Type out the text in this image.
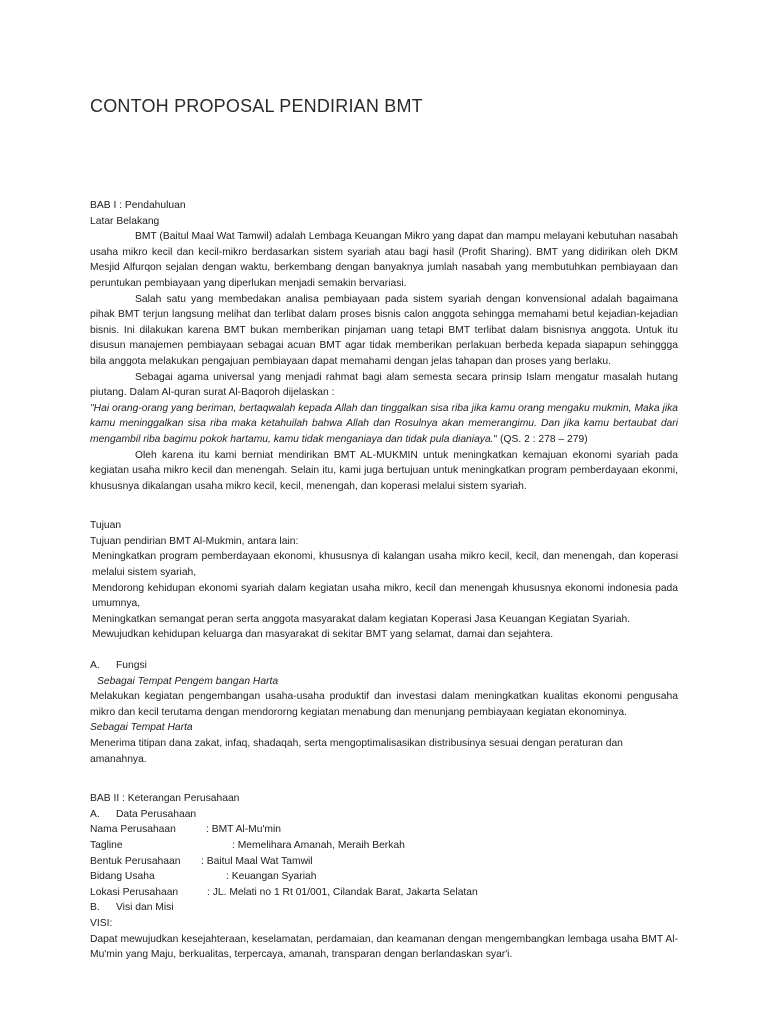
CONTOH PROPOSAL PENDIRIAN BMT

BAB I : Pendahuluan

Latar Belakang

BMT (Baitul Maal Wat Tamwil) adalah Lembaga Keuangan Mikro yang dapat dan mampu melayani kebutuhan nasabah usaha mikro kecil dan kecil-mikro berdasarkan sistem syariah atau bagi hasil (Profit Sharing). BMT yang didirikan oleh DKM Mesjid Alfurqon sejalan dengan waktu, berkembang dengan banyaknya jumlah nasabah yang membutuhkan pembiayaan dan peruntukan pembiayaan yang diperlukan menjadi semakin bervariasi.

Salah satu yang membedakan analisa pembiayaan pada sistem syariah dengan konvensional adalah bagaimana pihak BMT terjun langsung melihat dan terlibat dalam proses bisnis calon anggota sehingga memahami betul kejadian-kejadian bisnis. Ini dilakukan karena BMT bukan memberikan pinjaman uang tetapi BMT terlibat dalam bisnisnya anggota. Untuk itu disusun manajemen pembiayaan sebagai acuan BMT agar tidak memberikan perlakuan berbeda kepada siapapun sehinggga bila anggota melakukan pengajuan pembiayaan dapat memahami dengan jelas tahapan dan proses yang berlaku.

Sebagai agama universal yang menjadi rahmat bagi alam semesta secara prinsip Islam mengatur masalah hutang piutang. Dalam Al-quran surat Al-Baqoroh dijelaskan :

"Hai orang-orang yang beriman, bertaqwalah kepada Allah dan tinggalkan sisa riba jika kamu orang mengaku mukmin, Maka jika kamu meninggalkan sisa riba maka ketahuilah bahwa Allah dan Rosulnya akan memerangimu. Dan jika kamu bertaubat dari mengambil riba bagimu pokok hartamu, kamu tidak menganiaya dan tidak pula dianiaya." (QS. 2 : 278 – 279)

Oleh karena itu kami berniat mendirikan BMT AL-MUKMIN untuk meningkatkan kemajuan ekonomi syariah pada kegiatan usaha mikro kecil dan menengah. Selain itu, kami juga bertujuan untuk meningkatkan program pemberdayaan ekonmi, khususnya dikalangan usaha mikro kecil, kecil, menengah, dan koperasi melalui sistem syariah.

Tujuan

Tujuan pendirian BMT Al-Mukmin, antara lain:

Meningkatkan program pemberdayaan ekonomi, khususnya di kalangan usaha mikro kecil, kecil, dan menengah, dan koperasi melalui sistem syariah,

Mendorong kehidupan ekonomi syariah dalam kegiatan usaha mikro, kecil dan menengah khususnya ekonomi indonesia pada umumnya,

Meningkatkan semangat peran serta anggota masyarakat dalam kegiatan Koperasi Jasa Keuangan Kegiatan Syariah.

Mewujudkan kehidupan keluarga dan masyarakat di sekitar BMT yang selamat, damai dan sejahtera.

A.	Fungsi

Sebagai Tempat Pengem bangan Harta

Melakukan kegiatan pengembangan usaha-usaha produktif dan investasi dalam meningkatkan kualitas ekonomi pengusaha mikro dan kecil terutama dengan mendororng kegiatan menabung dan menunjang pembiayaan kegiatan ekonominya.

Sebagai Tempat Harta

Menerima titipan dana zakat, infaq, shadaqah, serta mengoptimalisasikan distribusinya sesuai dengan peraturan dan amanahnya.

BAB II : Keterangan Perusahaan

A.	Data Perusahaan
Nama Perusahaan	: BMT Al-Mu'min
Tagline	: Memelihara Amanah, Meraih Berkah
Bentuk Perusahaan	: Baitul Maal Wat Tamwil
Bidang Usaha	: Keuangan Syariah
Lokasi Perusahaan	: JL. Melati no 1 Rt 01/001, Cilandak Barat, Jakarta Selatan
B.	Visi dan Misi

VISI:

Dapat mewujudkan kesejahteraan, keselamatan, perdamaian, dan keamanan dengan mengembangkan lembaga usaha BMT Al-Mu'min yang Maju, berkualitas, terpercaya, amanah, transparan dengan berlandaskan syar'i.
